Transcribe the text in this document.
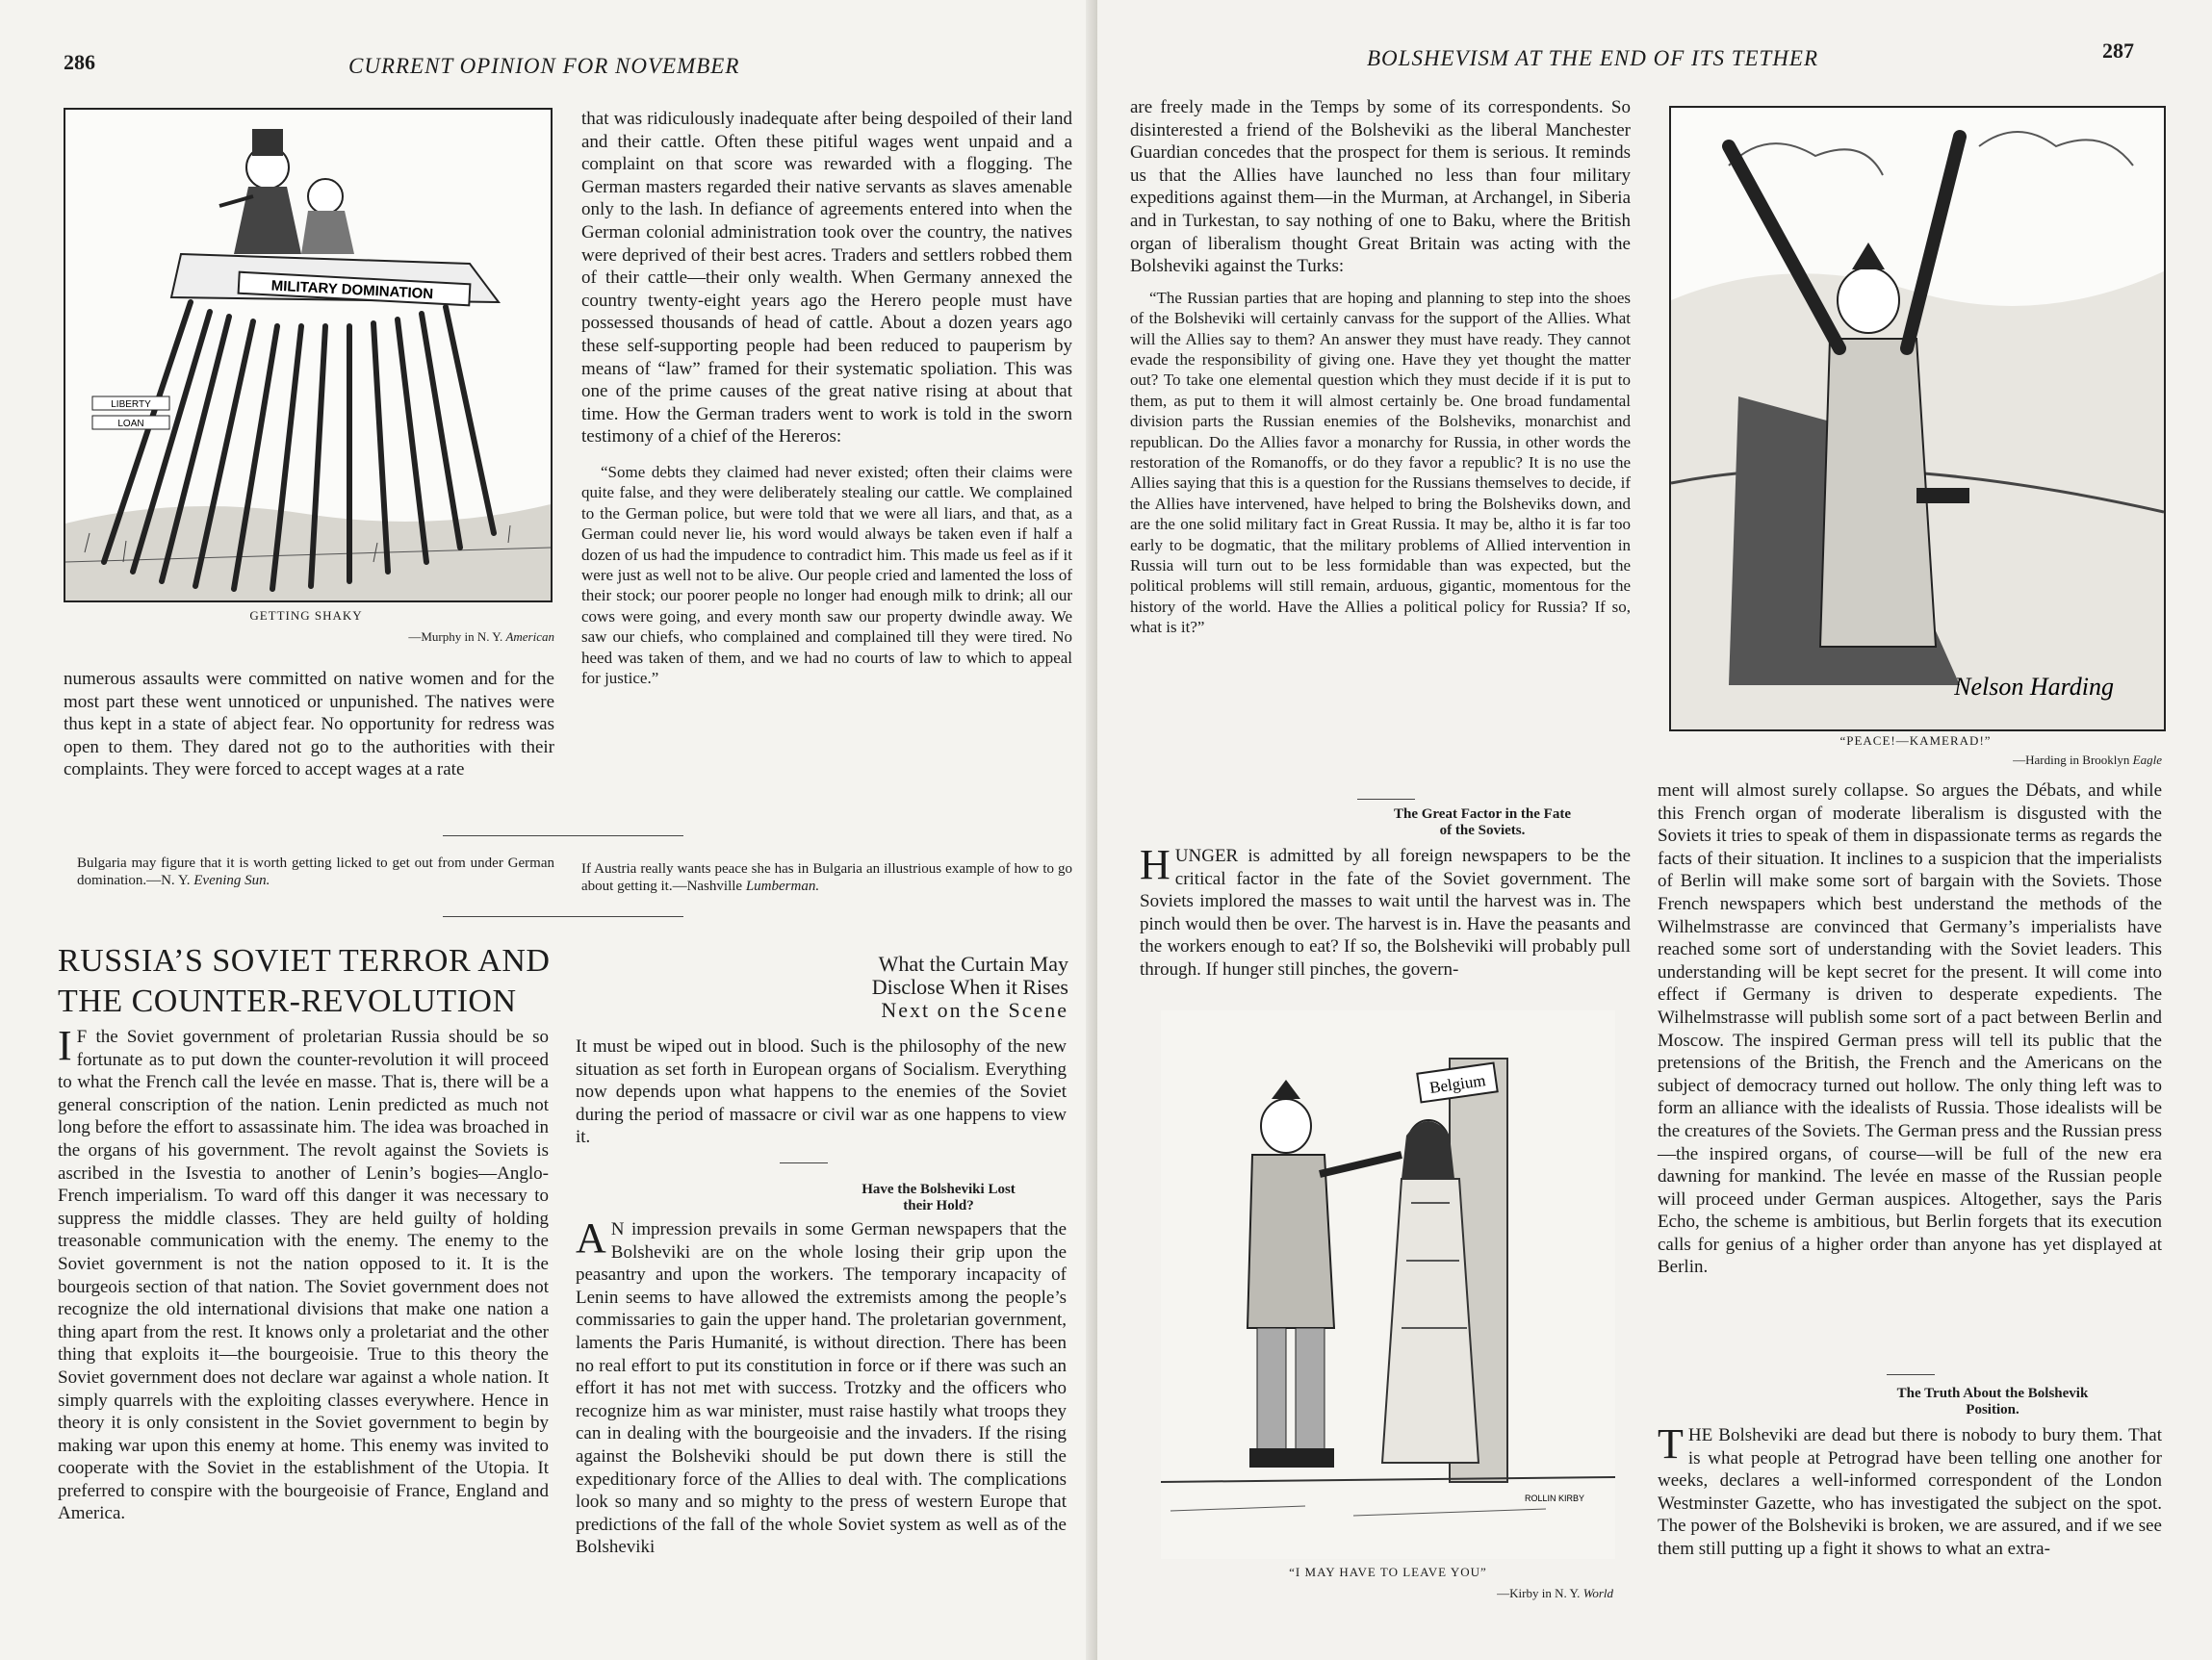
286	CURRENT OPINION FOR NOVEMBER
MILITARY DOMINATION
LIBERTY
LOAN
GETTING SHAKY
—Murphy in N. Y. American
numerous assaults were committed on native women and for the most part these went unnoticed or unpunished. The natives were thus kept in a state of abject fear. No opportunity for redress was open to them. They dared not go to the authorities with their complaints. They were forced to accept wages at a rate

that was ridiculously inadequate after being despoiled of their land and their cattle. Often these pitiful wages went unpaid and a complaint on that score was rewarded with a flogging. The German masters regarded their native servants as slaves amenable only to the lash. In defiance of agreements entered into when the German colonial administration took over the country, the natives were deprived of their best acres. Traders and settlers robbed them of their cattle—their only wealth. When Germany annexed the country twenty-eight years ago the Herero people must have possessed thousands of head of cattle. About a dozen years ago these self-supporting people had been reduced to pauperism by means of “law” framed for their systematic spoliation. This was one of the prime causes of the great native rising at about that time. How the German traders went to work is told in the sworn testimony of a chief of the Hereros:

“Some debts they claimed had never existed; often their claims were quite false, and they were deliberately stealing our cattle. We complained to the German police, but were told that we were all liars, and that, as a German could never lie, his word would always be taken even if half a dozen of us had the impudence to contradict him. This made us feel as if it were just as well not to be alive. Our people cried and lamented the loss of their stock; our poorer people no longer had enough milk to drink; all our cows were going, and every month saw our property dwindle away. We saw our chiefs, who complained and complained till they were tired. No heed was taken of them, and we had no courts of law to which to appeal for justice.”

Bulgaria may figure that it is worth getting licked to get out from under German domination.—N. Y. Evening Sun.
If Austria really wants peace she has in Bulgaria an illustrious example of how to go about getting it.—Nashville Lumberman.
RUSSIA’S SOVIET TERROR AND
THE COUNTER-REVOLUTION
What the Curtain May
Disclose When it Rises
Next on the Scene
I F the Soviet government of proletarian Russia should be so fortunate as to put down the counter-revolution it will proceed to what the French call the levée en masse. That is, there will be a general conscription of the nation. Lenin predicted as much not long before the effort to assassinate him. The idea was broached in the organs of his government. The revolt against the Soviets is ascribed in the Isvestia to another of Lenin’s bogies—Anglo-French imperialism. To ward off this danger it was necessary to suppress the middle classes. They are held guilty of holding treasonable communication with the enemy. The enemy to the Soviet government is not the nation opposed to it. It is the bourgeois section of that nation. The Soviet government does not recognize the old international divisions that make one nation a thing apart from the rest. It knows only a proletariat and the other thing that exploits it—the bourgeoisie. True to this theory the Soviet government does not declare war against a whole nation. It simply quarrels with the exploiting classes everywhere. Hence in theory it is only consistent in the Soviet government to begin by making war upon this enemy at home. This enemy was invited to cooperate with the Soviet in the establishment of the Utopia. It preferred to conspire with the bourgeoisie of France, England and America.

It must be wiped out in blood. Such is the philosophy of the new situation as set forth in European organs of Socialism. Everything now depends upon what happens to the enemies of the Soviet during the period of massacre or civil war as one happens to view it.

Have the Bolsheviki Lost
their Hold?
A N impression prevails in some German newspapers that the Bolsheviki are on the whole losing their grip upon the peasantry and upon the workers. The temporary incapacity of Lenin seems to have allowed the extremists among the people’s commissaries to gain the upper hand. The proletarian government, laments the Paris Humanité, is without direction. There has been no real effort to put its constitution in force or if there was such an effort it has not met with success. Trotzky and the officers who recognize him as war minister, must raise hastily what troops they can in dealing with the bourgeoisie and the invaders. If the rising against the Bolsheviki should be put down there is still the expeditionary force of the Allies to deal with. The complications look so many and so mighty to the press of western Europe that predictions of the fall of the whole Soviet system as well as of the Bolsheviki
BOLSHEVISM AT THE END OF ITS TETHER	287

are freely made in the Temps by some of its correspondents. So disinterested a friend of the Bolsheviki as the liberal Manchester Guardian concedes that the prospect for them is serious. It reminds us that the Allies have launched no less than four military expeditions against them—in the Murman, at Archangel, in Siberia and in Turkestan, to say nothing of one to Baku, where the British organ of liberalism thought Great Britain was acting with the Bolsheviki against the Turks:

“The Russian parties that are hoping and planning to step into the shoes of the Bolsheviki will certainly canvass for the support of the Allies. What will the Allies say to them? An answer they must have ready. They cannot evade the responsibility of giving one. Have they yet thought the matter out? To take one elemental question which they must decide if it is put to them, as put to them it will almost certainly be. One broad fundamental division parts the Russian enemies of the Bolsheviks, monarchist and republican. Do the Allies favor a monarchy for Russia, in other words the restoration of the Romanoffs, or do they favor a republic? It is no use the Allies saying that this is a question for the Russians themselves to decide, if the Allies have intervened, have helped to bring the Bolsheviks down, and are the one solid military fact in Great Russia. It may be, altho it is far too early to be dogmatic, that the military problems of Allied intervention in Russia will turn out to be less formidable than was expected, but the political problems will still remain, arduous, gigantic, momentous for the history of the world. Have the Allies a political policy for Russia? If so, what is it?”

The Great Factor in the Fate
of the Soviets.
HUNGER is admitted by all foreign newspapers to be the critical factor in the fate of the Soviet government. The Soviets implored the masses to wait until the harvest was in. The pinch would then be over. The harvest is in. Have the peasants and the workers enough to eat? If so, the Bolsheviki will probably pull through. If hunger still pinches, the govern-
Belgium
ROLLIN KIRBY
“I MAY HAVE TO LEAVE YOU”
—Kirby in N. Y. World
Nelson Harding
“PEACE!—KAMERAD!”
—Harding in Brooklyn Eagle

ment will almost surely collapse. So argues the Débats, and while this French organ of moderate liberalism is disgusted with the Soviets it tries to speak of them in dispassionate terms as regards the facts of their situation. It inclines to a suspicion that the imperialists of Berlin will make some sort of bargain with the Soviets. Those French newspapers which best understand the methods of the Wilhelmstrasse are convinced that Germany’s imperialists have reached some sort of understanding with the Soviet leaders. This understanding will be kept secret for the present. It will come into effect if Germany is driven to desperate expedients. The Wilhelmstrasse will publish some sort of a pact between Berlin and Moscow. The inspired German press will tell its public that the pretensions of the British, the French and the Americans on the subject of democracy turned out hollow. The only thing left was to form an alliance with the idealists of Russia. Those idealists will be the creatures of the Soviets. The German press and the Russian press—the inspired organs, of course—will be full of the new era dawning for mankind. The levée en masse of the Russian people will proceed under German auspices. Altogether, says the Paris Echo, the scheme is ambitious, but Berlin forgets that its execution calls for genius of a higher order than anyone has yet displayed at Berlin.

The Truth About the Bolshevik
Position.
THE Bolsheviki are dead but there is nobody to bury them. That is what people at Petrograd have been telling one another for weeks, declares a well-informed correspondent of the London Westminster Gazette, who has investigated the subject on the spot. The power of the Bolsheviki is broken, we are assured, and if we see them still putting up a fight it shows to what an extra-
